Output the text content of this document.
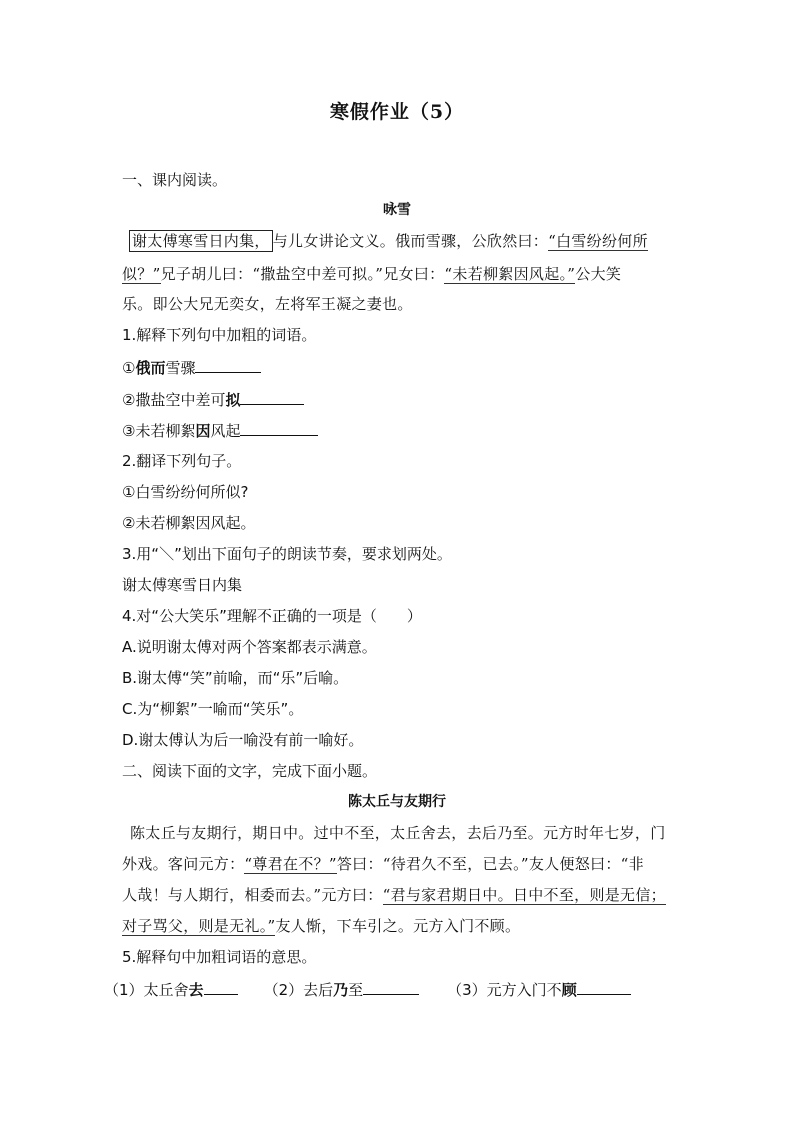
寒假作业（5）
一、课内阅读。
咏雪
谢太傅寒雪日内集， 与儿女讲论文义。俄而雪骤，公欣然曰：“白雪纷纷何所
似？”兄子胡儿曰：“撒盐空中差可拟。”兄女曰：“未若柳絮因风起。”公大笑
乐。即公大兄无奕女，左将军王凝之妻也。
1.解释下列句中加粗的词语。
①俄而雪骤
②撒盐空中差可拟
③未若柳絮因风起
2.翻译下列句子。
①白雪纷纷何所似?
②未若柳絮因风起。
3.用“＼”划出下面句子的朗读节奏，要求划两处。
谢太傅寒雪日内集
4.对“公大笑乐”理解不正确的一项是（　　）
A.说明谢太傅对两个答案都表示满意。
B.谢太傅“笑”前喻，而“乐”后喻。
C.为“柳絮”一喻而“笑乐”。
D.谢太傅认为后一喻没有前一喻好。
二、阅读下面的文字，完成下面小题。
陈太丘与友期行
陈太丘与友期行，期日中。过中不至，太丘舍去，去后乃至。元方时年七岁，门
外戏。客问元方：“尊君在不？”答曰：“待君久不至，已去。”友人便怒曰：“非
人哉！与人期行，相委而去。”元方曰：“君与家君期日中。日中不至，则是无信；
对子骂父，则是无礼。”友人惭，下车引之。元方入门不顾。
5.解释句中加粗词语的意思。
（1）太丘舍去	（2）去后乃至	（3）元方入门不顾
